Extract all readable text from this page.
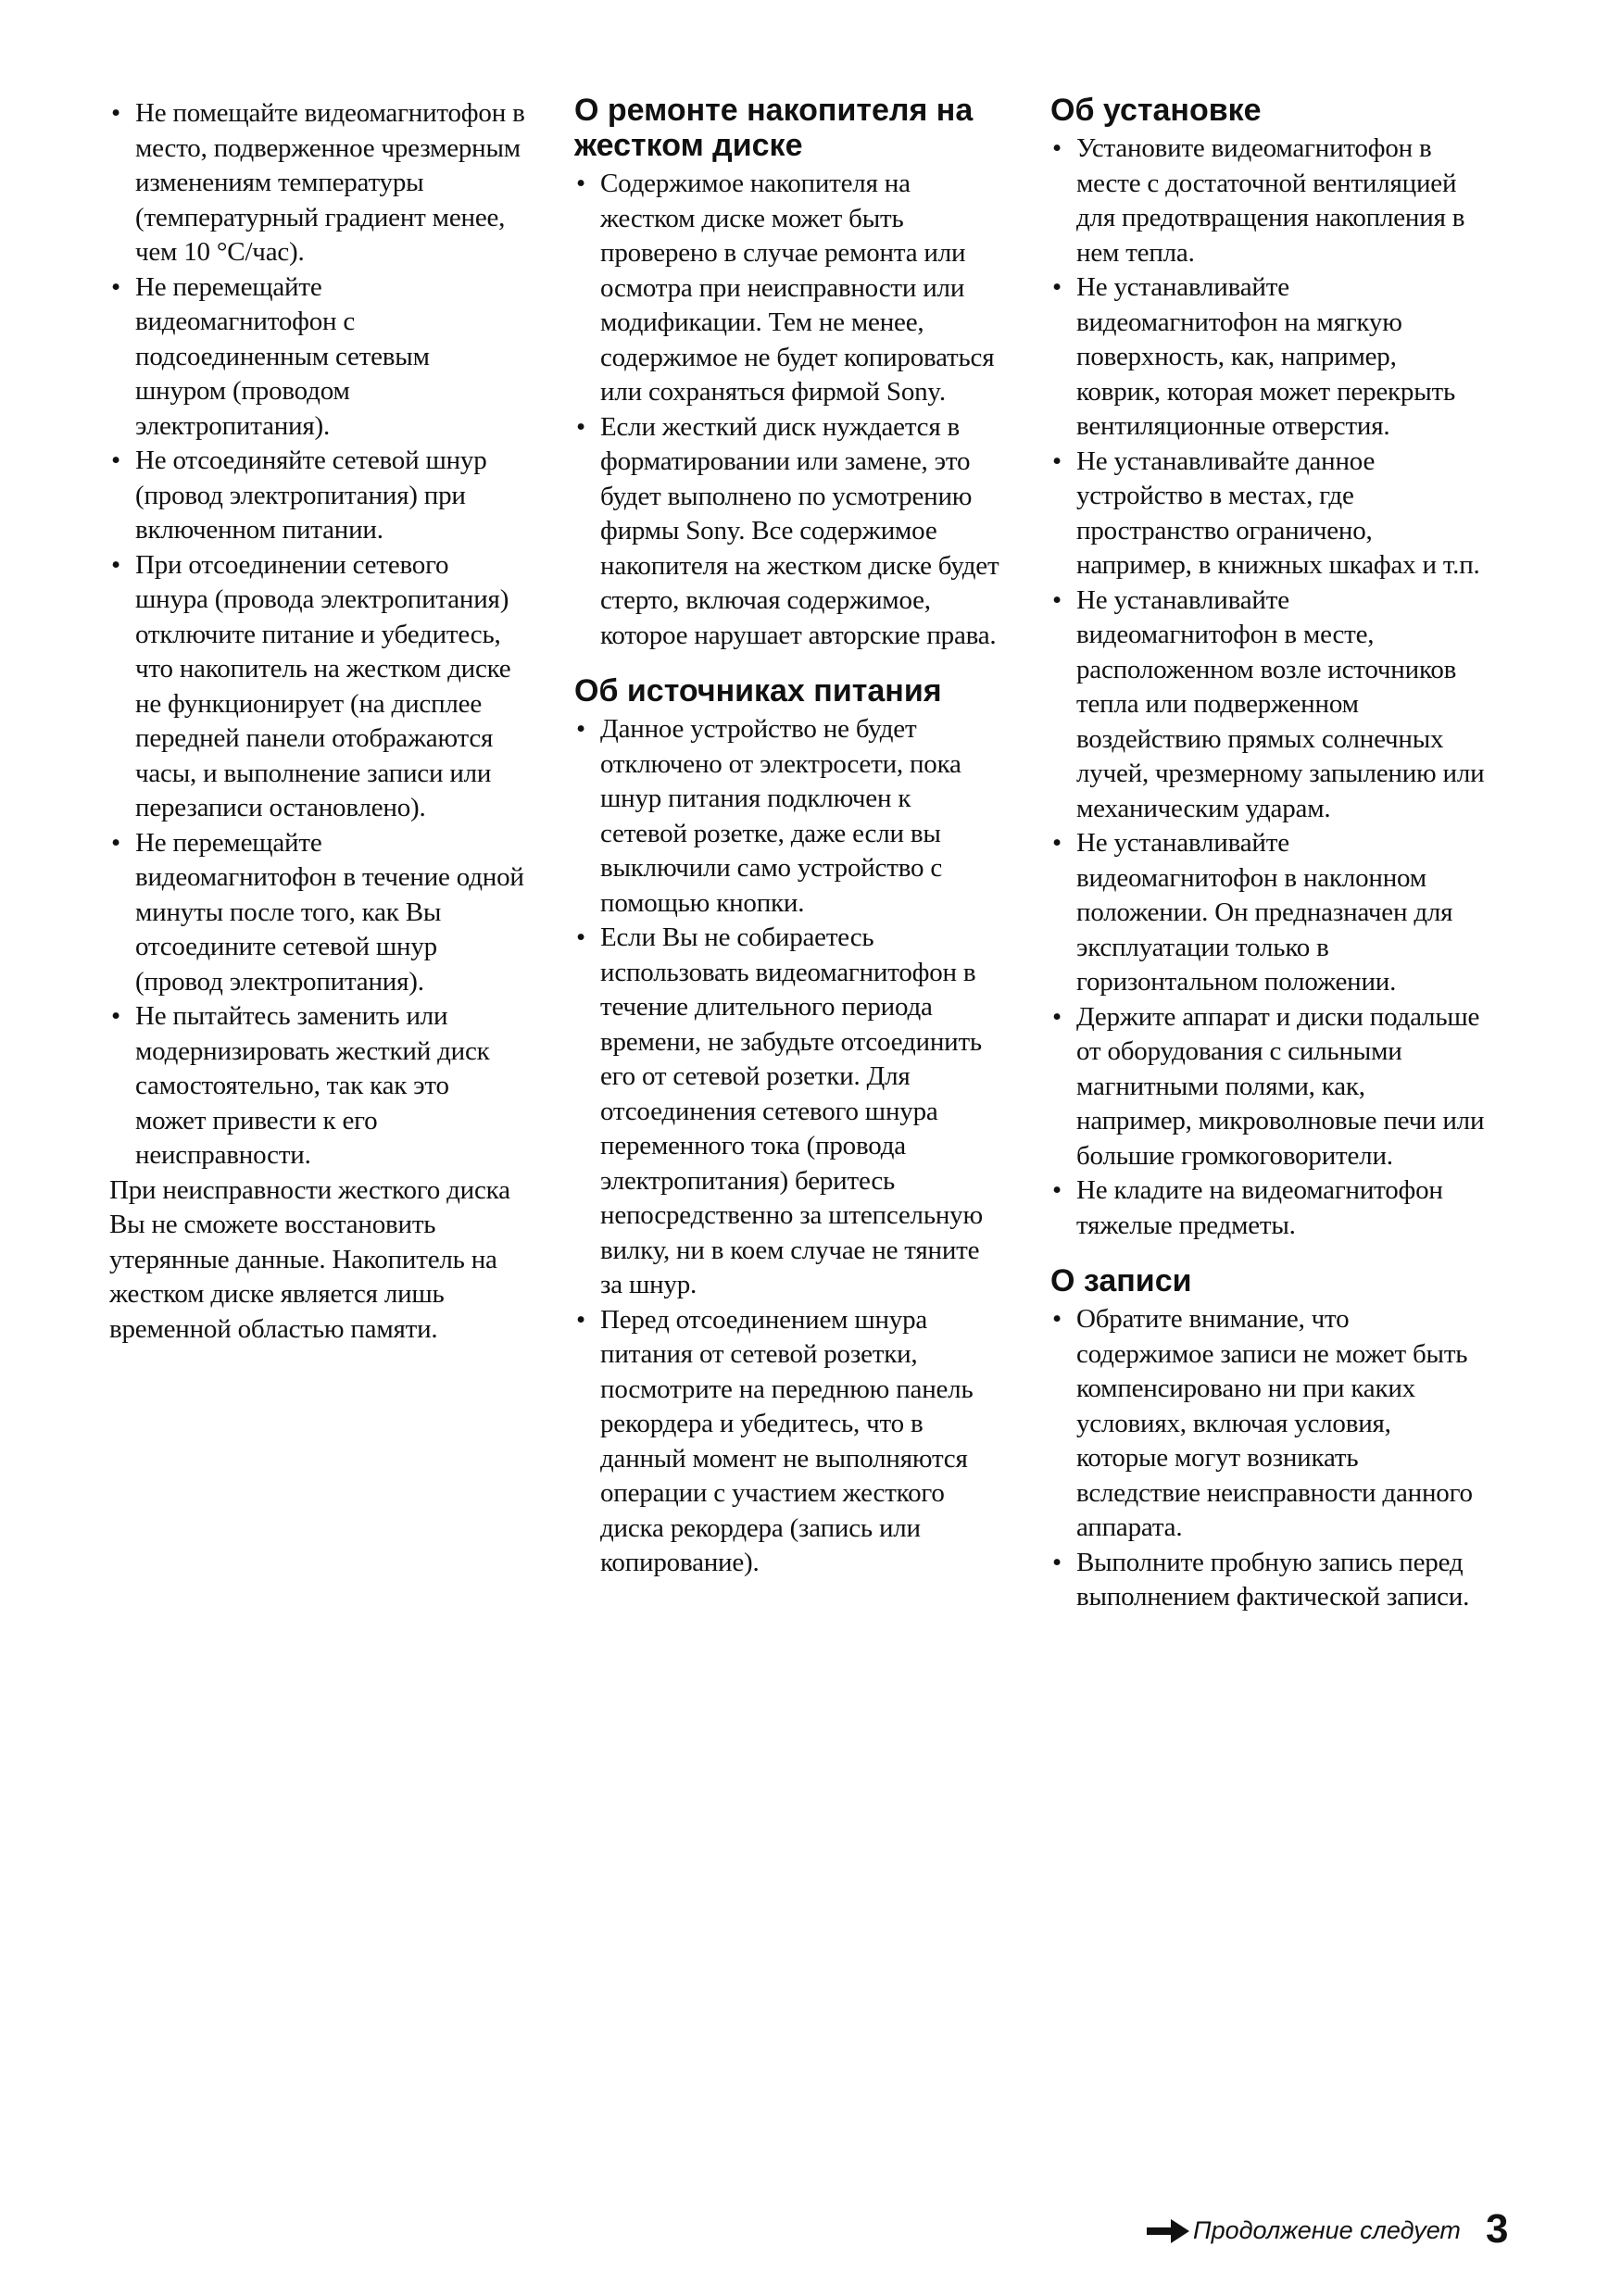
• Не помещайте видеомагнитофон в место, подверженное чрезмерным изменениям температуры (температурный градиент менее, чем 10 °C/час).
• Не перемещайте видеомагнитофон с подсоединенным сетевым шнуром (проводом электропитания).
• Не отсоединяйте сетевой шнур (провод электропитания) при включенном питании.
• При отсоединении сетевого шнура (провода электропитания) отключите питание и убедитесь, что накопитель на жестком диске не функционирует (на дисплее передней панели отображаются часы, и выполнение записи или перезаписи остановлено).
• Не перемещайте видеомагнитофон в течение одной минуты после того, как Вы отсоедините сетевой шнур (провод электропитания).
• Не пытайтесь заменить или модернизировать жесткий диск самостоятельно, так как это может привести к его неисправности.

При неисправности жесткого диска Вы не сможете восстановить утерянные данные. Накопитель на жестком диске является лишь временной областью памяти.

О ремонте накопителя на жестком диске
• Содержимое накопителя на жестком диске может быть проверено в случае ремонта или осмотра при неисправности или модификации. Тем не менее, содержимое не будет копироваться или сохраняться фирмой Sony.
• Если жесткий диск нуждается в форматировании или замене, это будет выполнено по усмотрению фирмы Sony. Все содержимое накопителя на жестком диске будет стерто, включая содержимое, которое нарушает авторские права.
Об источниках питания
• Данное устройство не будет отключено от электросети, пока шнур питания подключен к сетевой розетке, даже если вы выключили само устройство с помощью кнопки.
• Если Вы не собираетесь использовать видеомагнитофон в течение длительного периода времени, не забудьте отсоединить его от сетевой розетки. Для отсоединения сетевого шнура переменного тока (провода электропитания) беритесь непосредственно за штепсельную вилку, ни в коем случае не тяните за шнур.
• Перед отсоединением шнура питания от сетевой розетки, посмотрите на переднюю панель рекордера и убедитесь, что в данный момент не выполняются операции с участием жесткого диска рекордера (запись или копирование).
Об установке
• Установите видеомагнитофон в месте с достаточной вентиляцией для предотвращения накопления в нем тепла.
• Не устанавливайте видеомагнитофон на мягкую поверхность, как, например, коврик, которая может перекрыть вентиляционные отверстия.
• Не устанавливайте данное устройство в местах, где пространство ограничено, например, в книжных шкафах и т.п.
• Не устанавливайте видеомагнитофон в месте, расположенном возле источников тепла или подверженном воздействию прямых солнечных лучей, чрезмерному запылению или механическим ударам.
• Не устанавливайте видеомагнитофон в наклонном положении. Он предназначен для эксплуатации только в горизонтальном положении.
• Держите аппарат и диски подальше от оборудования с сильными магнитными полями, как, например, микроволновые печи или большие громкоговорители.
• Не кладите на видеомагнитофон тяжелые предметы.
О записи
• Обратите внимание, что содержимое записи не может быть компенсировано ни при каких условиях, включая условия, которые могут возникать вследствие неисправности данного аппарата.
• Выполните пробную запись перед выполнением фактической записи.
Продолжение следует 3
